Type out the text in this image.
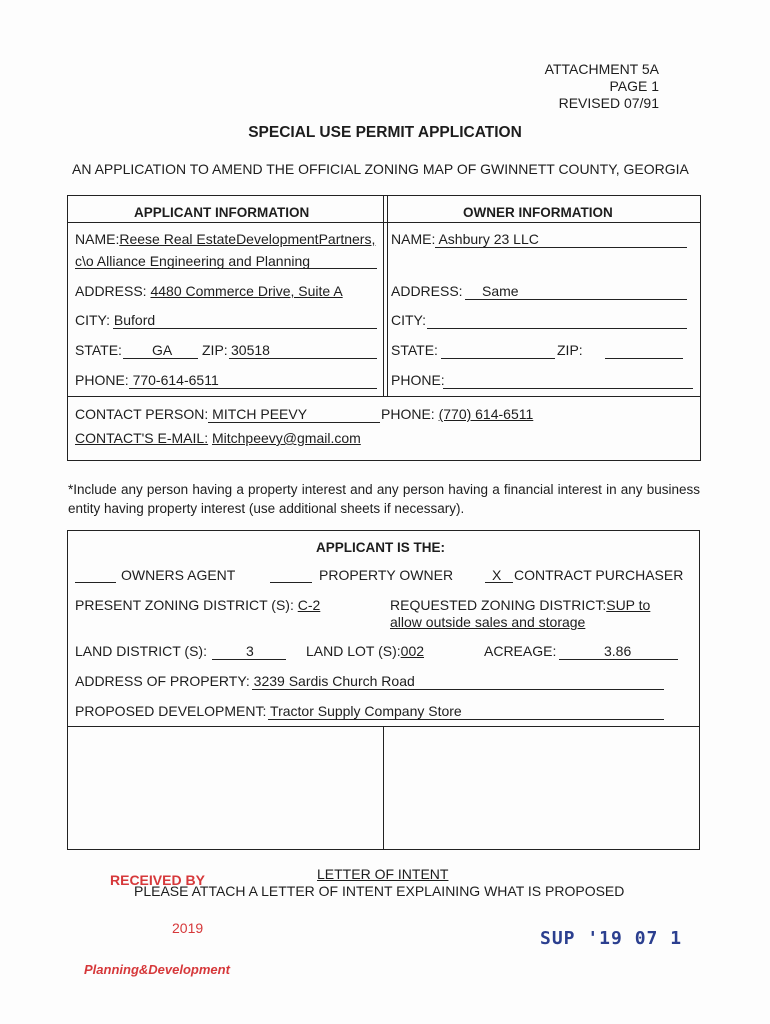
ATTACHMENT 5A
PAGE 1
REVISED 07/91
SPECIAL USE PERMIT APPLICATION
AN APPLICATION TO AMEND THE OFFICIAL ZONING MAP OF GWINNETT COUNTY, GEORGIA
APPLICANT INFORMATION	OWNER INFORMATION
NAME:Reese Real EstateDevelopmentPartners,
c\o Alliance Engineering and Planning
ADDRESS: 4480 Commerce Drive, Suite A
CITY: Buford
STATE: GA ZIP: 30518
PHONE: 770-614-6511
NAME: Ashbury 23 LLC
ADDRESS: Same
CITY:
STATE:	ZIP:
PHONE:
CONTACT PERSON: MITCH PEEVY	PHONE: (770) 614-6511
CONTACT'S E-MAIL: Mitchpeevy@gmail.com
*Include any person having a property interest and any person having a financial interest in any business entity having property interest (use additional sheets if necessary).
APPLICANT IS THE:
OWNERS AGENT	PROPERTY OWNER	X CONTRACT PURCHASER
PRESENT ZONING DISTRICT (S): C-2	REQUESTED ZONING DISTRICT:SUP to
allow outside sales and storage
LAND DISTRICT (S):	3	LAND LOT (S):002	ACREAGE:	3.86
ADDRESS OF PROPERTY: 3239 Sardis Church Road
PROPOSED DEVELOPMENT: Tractor Supply Company Store
LETTER OF INTENT
PLEASE ATTACH A LETTER OF INTENT EXPLAINING WHAT IS PROPOSED
RECEIVED BY
2019
Planning&Development
SUP '19 07 1
